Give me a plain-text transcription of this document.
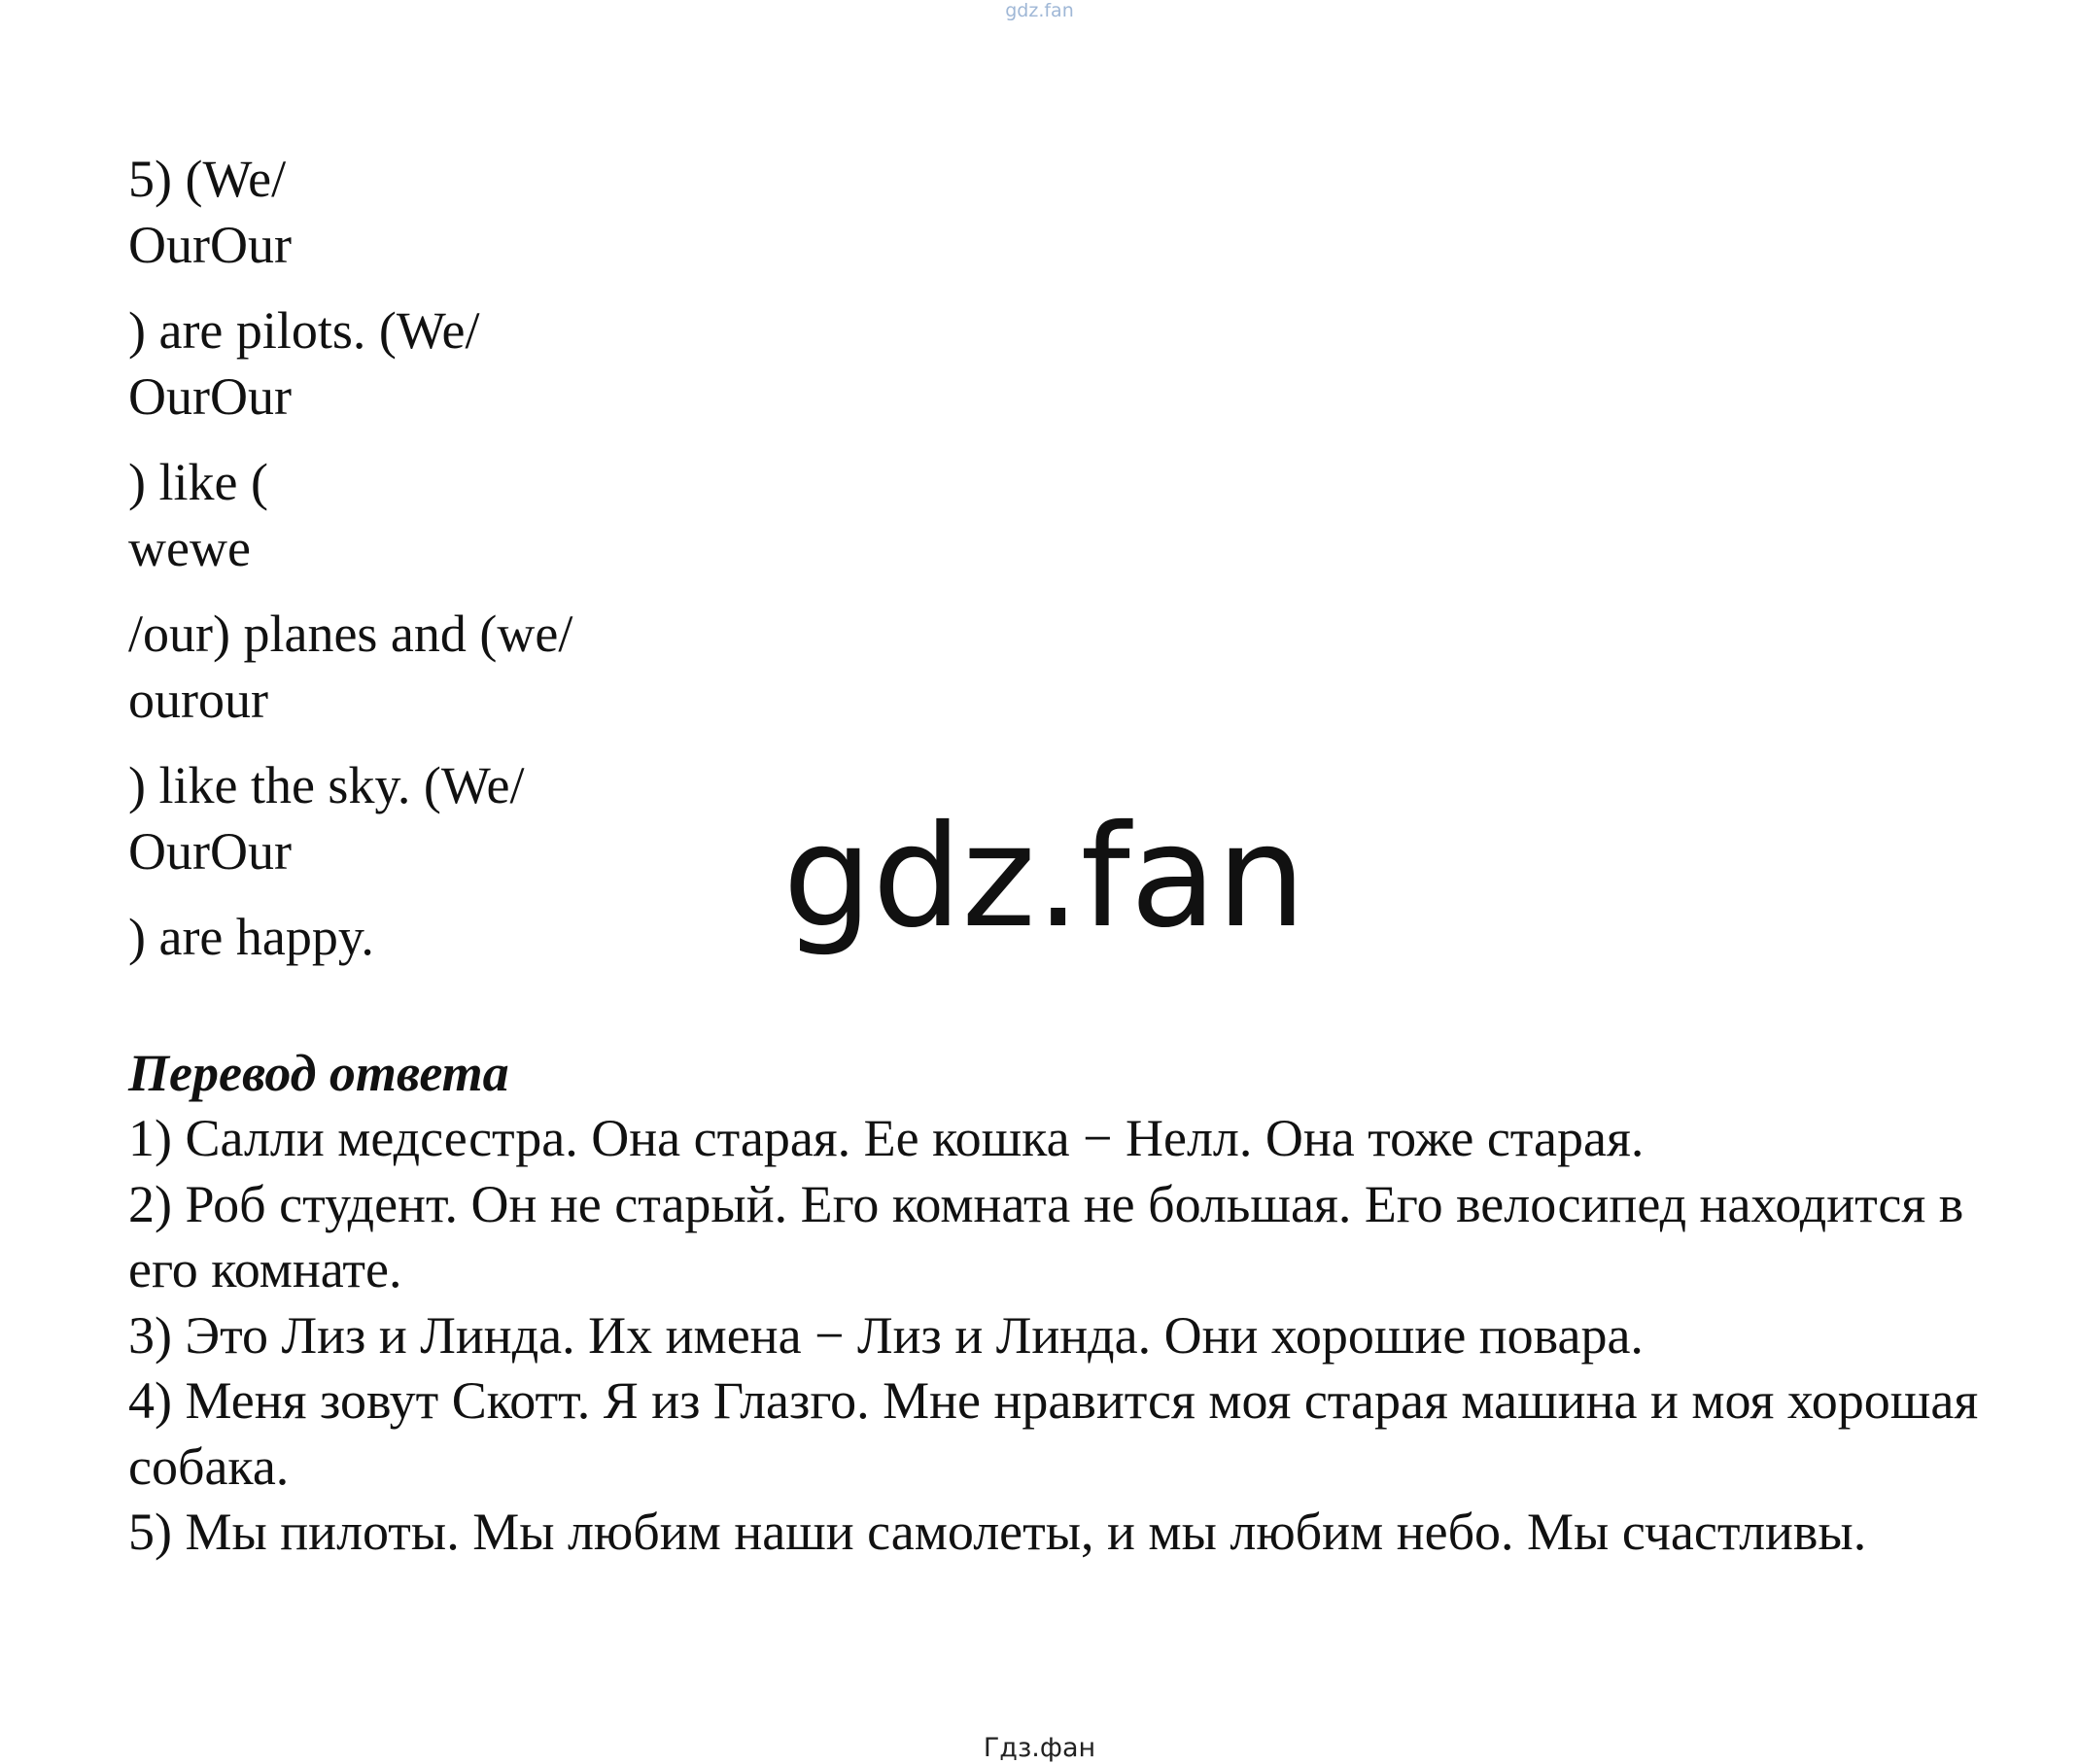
gdz.fan
5) (We/
OurOur
) are pilots. (We/
OurOur
) like (
wewe
/our) planes and (we/
ourour
) like the sky. (We/
OurOur
) are happy.	gdz.fan
Перевод ответа
1) Салли медсестра. Она старая. Ее кошка − Нелл. Она тоже старая.
2) Роб студент. Он не старый. Его комната не большая. Его велосипед находится в его комнате.
3) Это Лиз и Линда. Их имена − Лиз и Линда. Они хорошие повара.
4) Меня зовут Скотт. Я из Глазго. Мне нравится моя старая машина и моя хорошая собака.
5) Мы пилоты. Мы любим наши самолеты, и мы любим небо. Мы счастливы.
Гдз.фан
